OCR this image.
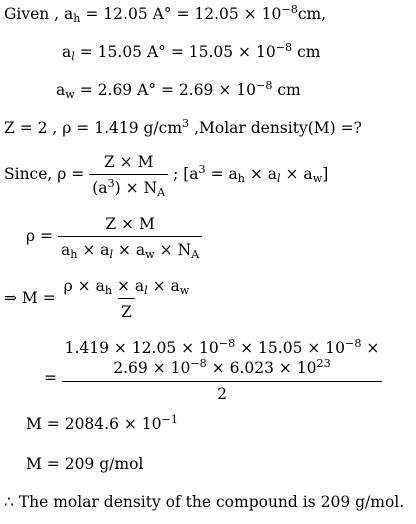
Given , $a_h = 12.05$ $A^\circ = 12.05 \times 10^{-8}cm$,
$a_l = 15.05$ $A^\circ = 15.05 \times 10^{-8}$ cm
$a_w = 2.69$ $A^\circ = 2.69 \times 10^{-8}$ cm
Z = 2 , ρ = 1.419 $g/cm^3$ ,Molar density(M) =?
Since, $\rho = \frac{Z \times M}{(a^3) \times N_A}$ ; $[a^3 = a_h \times a_l \times a_w]$
$\rho = \frac{Z \times M}{a_h \times a_l \times a_w \times N_A}$
⇒ $M = \frac{\rho \times a_h \times a_l \times a_w}{Z}$
=
$1.419 \times 12.05 \times 10^{-8} \times 15.05 \times 10^{-8}$ ×
$2.69 \times 10^{-8} \times 6.023 \times 10^{23}$
2
$M = 2084.6 \times 10^{-1}$
M = 209 g/mol
∴ The molar density of the compound is 209 g/mol.
